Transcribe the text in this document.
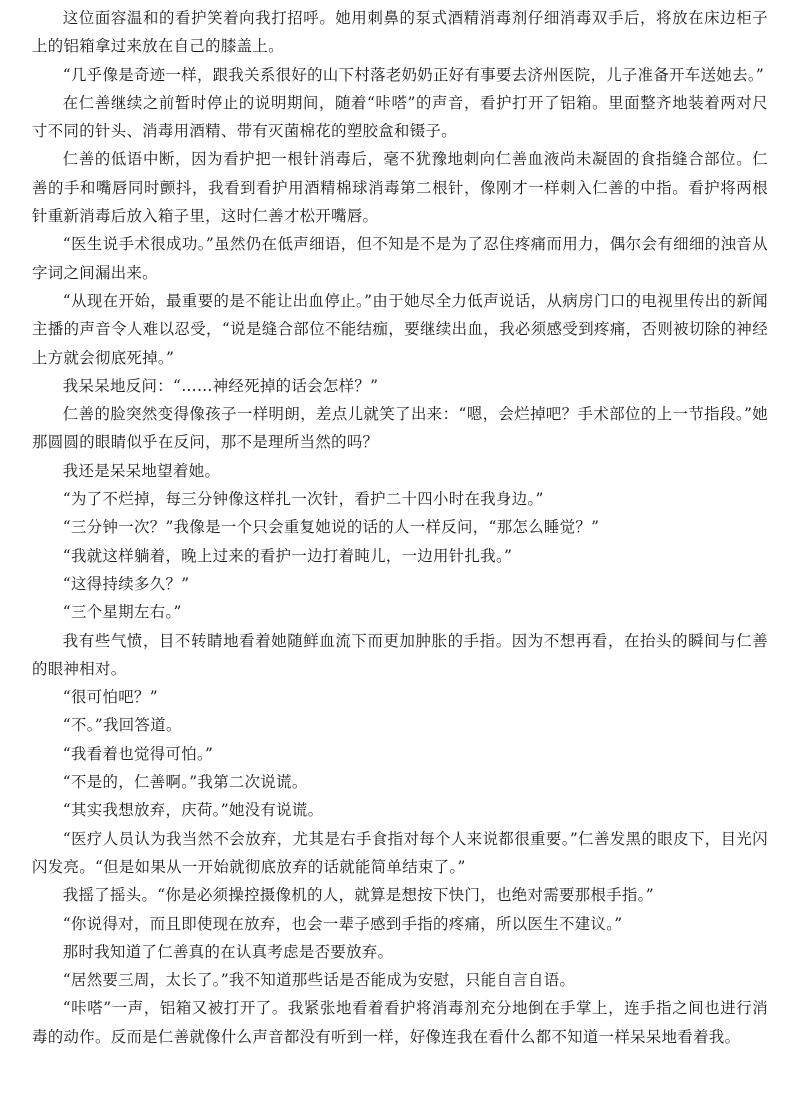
这位面容温和的看护笑着向我打招呼。她用刺鼻的泵式酒精消毒剂仔细消毒双手后，将放在床边柜子上的铝箱拿过来放在自己的膝盖上。

“几乎像是奇迹一样，跟我关系很好的山下村落老奶奶正好有事要去济州医院，儿子准备开车送她去。”

在仁善继续之前暂时停止的说明期间，随着“咔嗒”的声音，看护打开了铝箱。里面整齐地装着两对尺寸不同的针头、消毒用酒精、带有灭菌棉花的塑胶盒和镊子。

仁善的低语中断，因为看护把一根针消毒后，毫不犹豫地刺向仁善血液尚未凝固的食指缝合部位。仁善的手和嘴唇同时颤抖，我看到看护用酒精棉球消毒第二根针，像刚才一样刺入仁善的中指。看护将两根针重新消毒后放入箱子里，这时仁善才松开嘴唇。

“医生说手术很成功。”虽然仍在低声细语，但不知是不是为了忍住疼痛而用力，偶尔会有细细的浊音从字词之间漏出来。

“从现在开始，最重要的是不能让出血停止。”由于她尽全力低声说话，从病房门口的电视里传出的新闻主播的声音令人难以忍受，“说是缝合部位不能结痂，要继续出血，我必须感受到疼痛，否则被切除的神经上方就会彻底死掉。”

我呆呆地反问：“……神经死掉的话会怎样？”

仁善的脸突然变得像孩子一样明朗，差点儿就笑了出来：“嗯，会烂掉吧？手术部位的上一节指段。”她那圆圆的眼睛似乎在反问，那不是理所当然的吗？

我还是呆呆地望着她。

“为了不烂掉，每三分钟像这样扎一次针，看护二十四小时在我身边。”

“三分钟一次？”我像是一个只会重复她说的话的人一样反问，“那怎么睡觉？”

“我就这样躺着，晚上过来的看护一边打着盹儿，一边用针扎我。”

“这得持续多久？”

“三个星期左右。”

我有些气愤，目不转睛地看着她随鲜血流下而更加肿胀的手指。因为不想再看，在抬头的瞬间与仁善的眼神相对。

“很可怕吧？”

“不。”我回答道。

“我看着也觉得可怕。”

“不是的，仁善啊。”我第二次说谎。

“其实我想放弃，庆荷。”她没有说谎。

“医疗人员认为我当然不会放弃，尤其是右手食指对每个人来说都很重要。”仁善发黑的眼皮下，目光闪闪发亮。“但是如果从一开始就彻底放弃的话就能简单结束了。”

我摇了摇头。“你是必须操控摄像机的人，就算是想按下快门，也绝对需要那根手指。”

“你说得对，而且即使现在放弃，也会一辈子感到手指的疼痛，所以医生不建议。”

那时我知道了仁善真的在认真考虑是否要放弃。

“居然要三周，太长了。”我不知道那些话是否能成为安慰，只能自言自语。

“咔嗒”一声，铝箱又被打开了。我紧张地看着看护将消毒剂充分地倒在手掌上，连手指之间也进行消毒的动作。反而是仁善就像什么声音都没有听到一样，好像连我在看什么都不知道一样呆呆地看着我。
